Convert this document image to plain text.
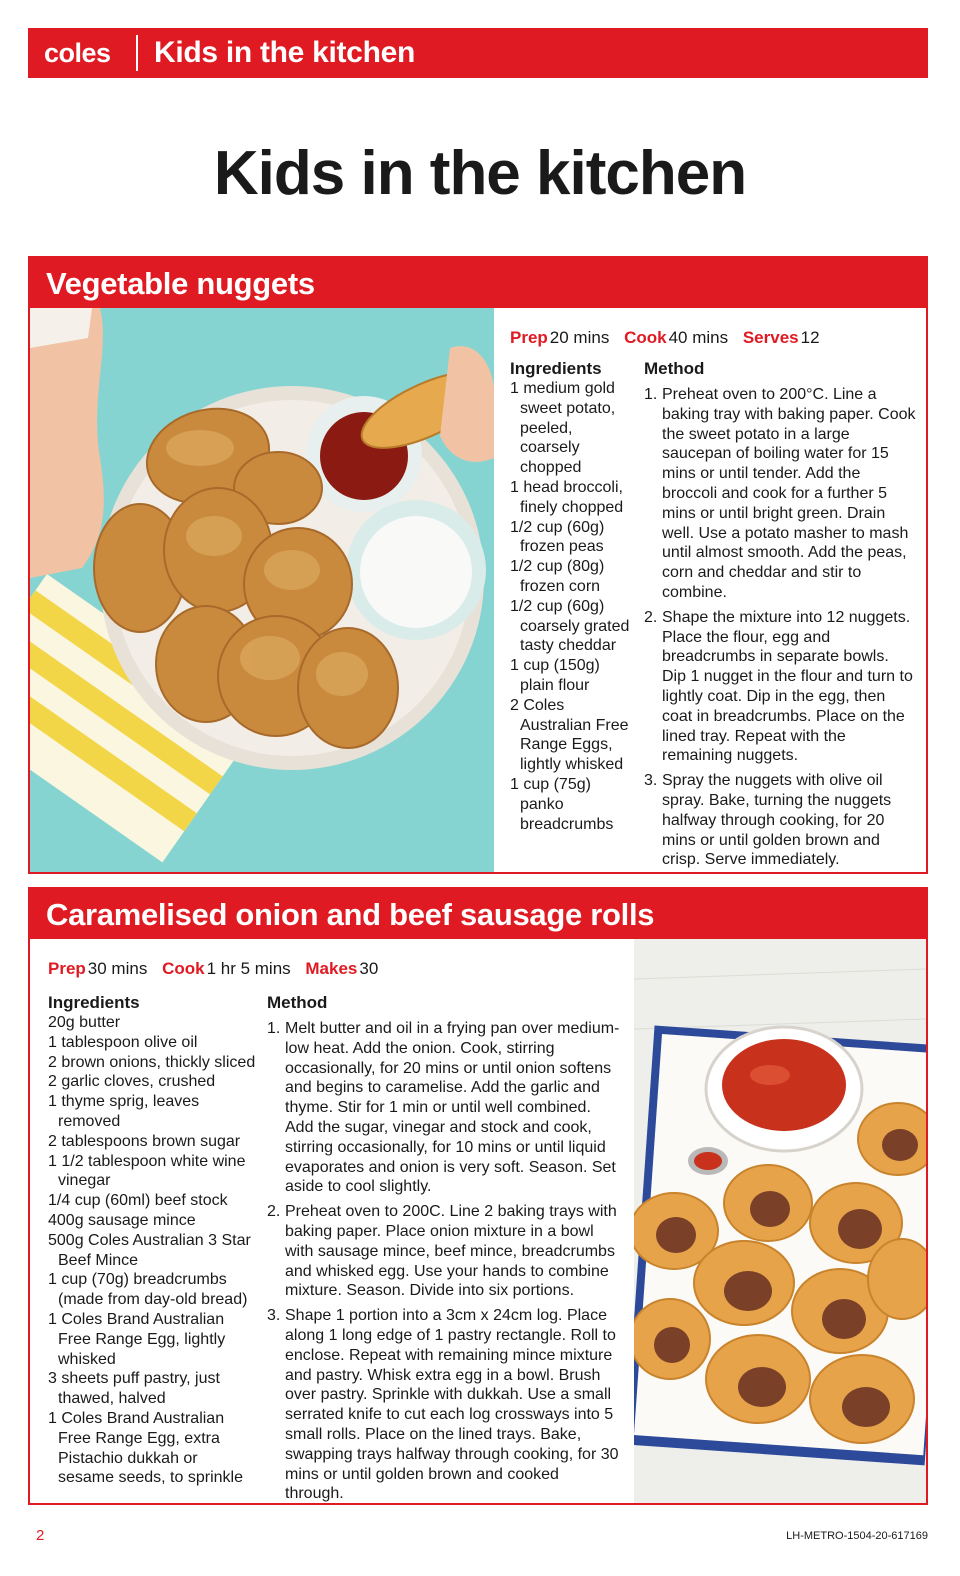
coles	Kids in the kitchen
Kids in the kitchen
Vegetable nuggets
Prep 20 mins Cook 40 mins Serves 12
Ingredients
1 medium gold sweet potato, peeled, coarsely chopped
1 head broccoli, finely chopped
1/2 cup (60g) frozen peas
1/2 cup (80g) frozen corn
1/2 cup (60g) coarsely grated tasty cheddar
1 cup (150g) plain flour
2 Coles Australian Free Range Eggs, lightly whisked
1 cup (75g) panko breadcrumbs
Method
1. Preheat oven to 200°C. Line a baking tray with baking paper. Cook the sweet potato in a large saucepan of boiling water for 15 mins or until tender. Add the broccoli and cook for a further 5 mins or until bright green. Drain well. Use a potato masher to mash until almost smooth. Add the peas, corn and cheddar and stir to combine.
2. Shape the mixture into 12 nuggets. Place the flour, egg and breadcrumbs in separate bowls. Dip 1 nugget in the flour and turn to lightly coat. Dip in the egg, then coat in breadcrumbs. Place on the lined tray. Repeat with the remaining nuggets.
3. Spray the nuggets with olive oil spray. Bake, turning the nuggets halfway through cooking, for 20 mins or until golden brown and crisp. Serve immediately.
Caramelised onion and beef sausage rolls
Prep 30 mins Cook 1 hr 5 mins Makes 30
Ingredients
20g butter
1 tablespoon olive oil
2 brown onions, thickly sliced
2 garlic cloves, crushed
1 thyme sprig, leaves removed
2 tablespoons brown sugar
1 1/2 tablespoon white wine vinegar
1/4 cup (60ml) beef stock
400g sausage mince
500g Coles Australian 3 Star Beef Mince
1 cup (70g) breadcrumbs (made from day-old bread)
1 Coles Brand Australian Free Range Egg, lightly whisked
3 sheets puff pastry, just thawed, halved
1 Coles Brand Australian Free Range Egg, extra Pistachio dukkah or sesame seeds, to sprinkle
Method
1. Melt butter and oil in a frying pan over medium-low heat. Add the onion. Cook, stirring occasionally, for 20 mins or until onion softens and begins to caramelise. Add the garlic and thyme. Stir for 1 min or until well combined. Add the sugar, vinegar and stock and cook, stirring occasionally, for 10 mins or until liquid evaporates and onion is very soft. Season. Set aside to cool slightly.
2. Preheat oven to 200C. Line 2 baking trays with baking paper. Place onion mixture in a bowl with sausage mince, beef mince, breadcrumbs and whisked egg. Use your hands to combine mixture. Season. Divide into six portions.
3. Shape 1 portion into a 3cm x 24cm log. Place along 1 long edge of 1 pastry rectangle. Roll to enclose. Repeat with remaining mince mixture and pastry. Whisk extra egg in a bowl. Brush over pastry. Sprinkle with dukkah. Use a small serrated knife to cut each log crossways into 5 small rolls. Place on the lined trays. Bake, swapping trays halfway through cooking, for 30 mins or until golden brown and cooked through.
2	LH-METRO-1504-20-617169
